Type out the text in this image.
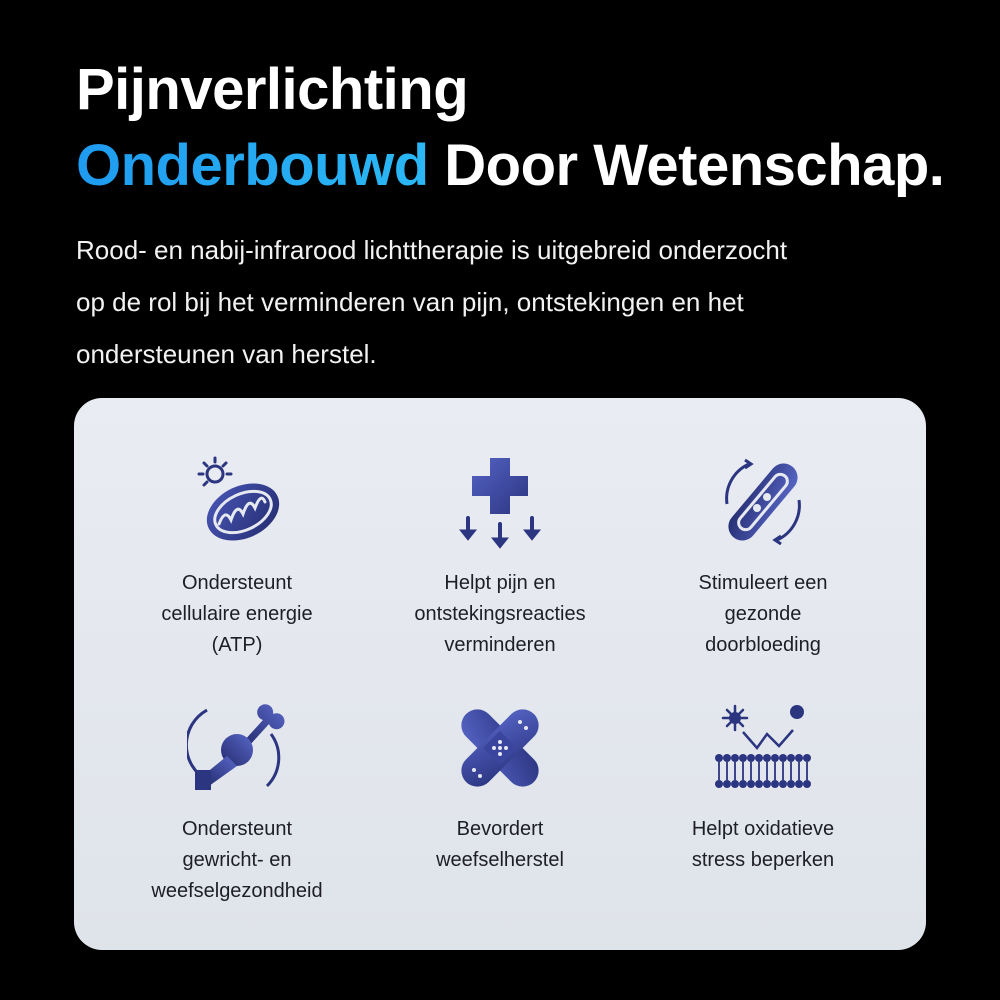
Pijnverlichting
Onderbouwd Door Wetenschap.

Rood- en nabij-infrarood lichttherapie is uitgebreid onderzocht
op de rol bij het verminderen van pijn, ontstekingen en het
ondersteunen van herstel.

Ondersteunt
cellulaire energie
(ATP)
Helpt pijn en
ontstekingsreacties
verminderen
Stimuleert een
gezonde
doorbloeding
Ondersteunt
gewricht- en
weefselgezondheid
Bevordert
weefselherstel
Helpt oxidatieve
stress beperken
